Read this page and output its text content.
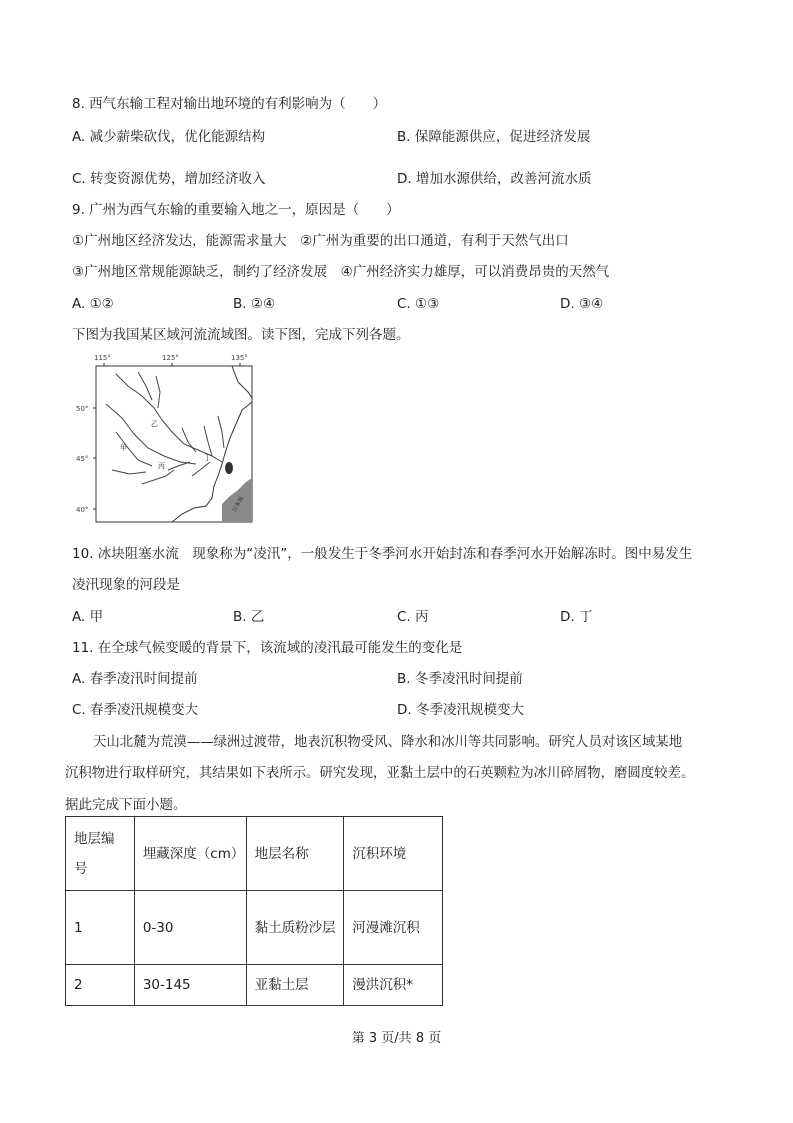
8. 西气东输工程对输出地环境的有利影响为（　　）
A. 减少薪柴砍伐，优化能源结构	B. 保障能源供应，促进经济发展
C. 转变资源优势，增加经济收入	D. 增加水源供给，改善河流水质
9. 广州为西气东输的重要输入地之一，原因是（　　）
①广州地区经济发达，能源需求量大　②广州为重要的出口通道，有利于天然气出口
③广州地区常规能源缺乏，制约了经济发展　④广州经济实力雄厚，可以消费昂贵的天然气
A. ①②	B. ②④	C. ①③	D. ③④
下图为我国某区域河流流域图。读下图，完成下列各题。
115°	125°	135°
50°
45°
40°	日本海
甲
乙
丙
丁
10. 冰块阻塞水流　现象称为“凌汛”，一般发生于冬季河水开始封冻和春季河水开始解冻时。图中易发生
凌汛现象的河段是
A. 甲	B. 乙	C. 丙	D. 丁
11. 在全球气候变暖的背景下，该流域的凌汛最可能发生的变化是
A. 春季凌汛时间提前	B. 冬季凌汛时间提前
C. 春季凌汛规模变大	D. 冬季凌汛规模变大
天山北麓为荒漠——绿洲过渡带，地表沉积物受风、降水和冰川等共同影响。研究人员对该区域某地
沉积物进行取样研究，其结果如下表所示。研究发现，亚黏土层中的石英颗粒为冰川碎屑物，磨圆度较差。
据此完成下面小题。
地层编号	埋藏深度（cm）	地层名称	沉积环境
1	0-30	黏土质粉沙层	河漫滩沉积
2	30-145	亚黏土层	漫洪沉积*
第 3 页/共 8 页
